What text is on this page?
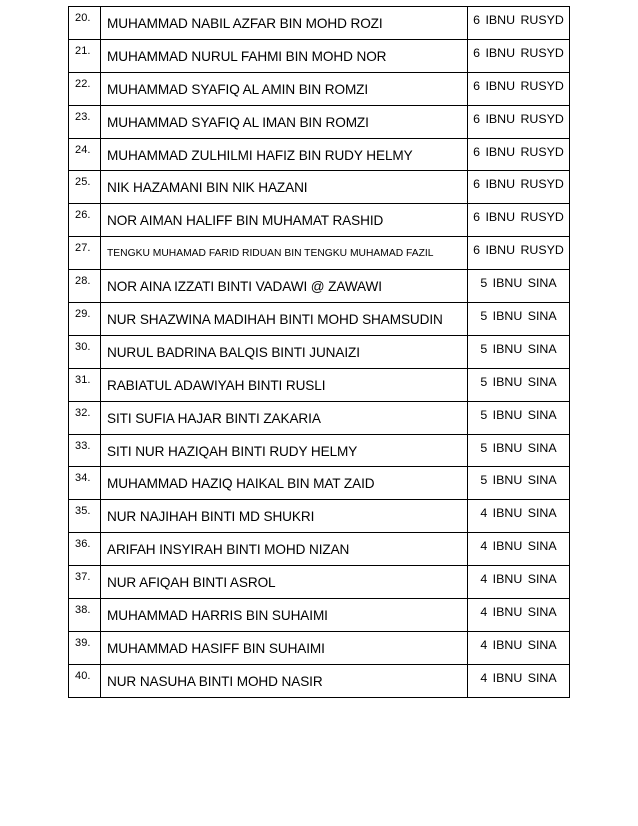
20.	MUHAMMAD NABIL AZFAR BIN MOHD ROZI	6 IBNU RUSYD
21.	MUHAMMAD NURUL FAHMI BIN MOHD NOR	6 IBNU RUSYD
22.	MUHAMMAD SYAFIQ AL AMIN BIN ROMZI	6 IBNU RUSYD
23.	MUHAMMAD SYAFIQ AL IMAN BIN ROMZI	6 IBNU RUSYD
24.	MUHAMMAD ZULHILMI HAFIZ BIN RUDY HELMY	6 IBNU RUSYD
25.	NIK HAZAMANI BIN NIK HAZANI	6 IBNU RUSYD
26.	NOR AIMAN HALIFF BIN MUHAMAT RASHID	6 IBNU RUSYD
27.	TENGKU MUHAMAD FARID RIDUAN BIN TENGKU MUHAMAD FAZIL	6 IBNU RUSYD
28.	NOR AINA IZZATI BINTI VADAWI @ ZAWAWI	5 IBNU SINA
29.	NUR SHAZWINA MADIHAH BINTI MOHD SHAMSUDIN	5 IBNU SINA
30.	NURUL BADRINA BALQIS BINTI JUNAIZI	5 IBNU SINA
31.	RABIATUL ADAWIYAH BINTI RUSLI	5 IBNU SINA
32.	SITI SUFIA HAJAR BINTI ZAKARIA	5 IBNU SINA
33.	SITI NUR HAZIQAH BINTI RUDY HELMY	5 IBNU SINA
34.	MUHAMMAD HAZIQ HAIKAL BIN MAT ZAID	5 IBNU SINA
35.	NUR NAJIHAH BINTI MD SHUKRI	4 IBNU SINA
36.	ARIFAH INSYIRAH BINTI MOHD NIZAN	4 IBNU SINA
37.	NUR AFIQAH BINTI ASROL	4 IBNU SINA
38.	MUHAMMAD HARRIS BIN SUHAIMI	4 IBNU SINA
39.	MUHAMMAD HASIFF BIN SUHAIMI	4 IBNU SINA
40.	NUR NASUHA BINTI MOHD NASIR	4 IBNU SINA
